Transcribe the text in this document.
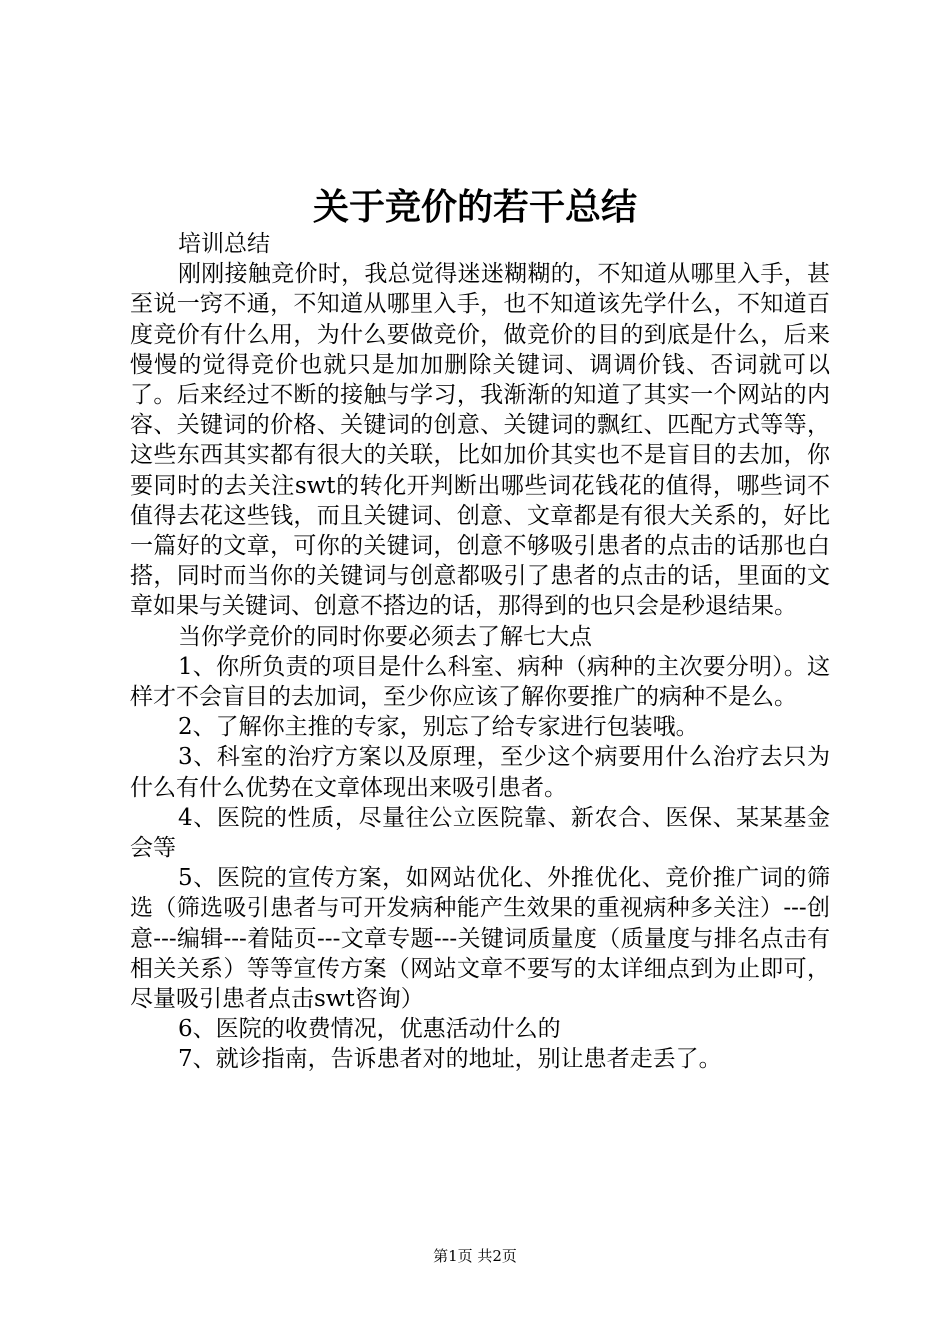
关于竞价的若干总结

培训总结

刚刚接触竞价时，我总觉得迷迷糊糊的，不知道从哪里入手，甚至说一窍不通，不知道从哪里入手，也不知道该先学什么，不知道百度竞价有什么用，为什么要做竞价，做竞价的目的到底是什么，后来慢慢的觉得竞价也就只是加加删除关键词、调调价钱、否词就可以了。后来经过不断的接触与学习，我渐渐的知道了其实一个网站的内容、关键词的价格、关键词的创意、关键词的飘红、匹配方式等等，这些东西其实都有很大的关联，比如加价其实也不是盲目的去加，你要同时的去关注swt的转化开判断出哪些词花钱花的值得，哪些词不值得去花这些钱，而且关键词、创意、文章都是有很大关系的，好比一篇好的文章，可你的关键词，创意不够吸引患者的点击的话那也白搭，同时而当你的关键词与创意都吸引了患者的点击的话，里面的文章如果与关键词、创意不搭边的话，那得到的也只会是秒退结果。

当你学竞价的同时你要必须去了解七大点

1、你所负责的项目是什么科室、病种（病种的主次要分明）。这样才不会盲目的去加词，至少你应该了解你要推广的病种不是么。

2、了解你主推的专家，别忘了给专家进行包装哦。

3、科室的治疗方案以及原理，至少这个病要用什么治疗去只为什么有什么优势在文章体现出来吸引患者。

4、医院的性质，尽量往公立医院靠、新农合、医保、某某基金会等

5、医院的宣传方案，如网站优化、外推优化、竞价推广词的筛选（筛选吸引患者与可开发病种能产生效果的重视病种多关注）---创意---编辑---着陆页---文章专题---关键词质量度（质量度与排名点击有相关关系）等等宣传方案（网站文章不要写的太详细点到为止即可，尽量吸引患者点击swt咨询）

6、医院的收费情况，优惠活动什么的

7、就诊指南，告诉患者对的地址，别让患者走丢了。

第1页 共2页
